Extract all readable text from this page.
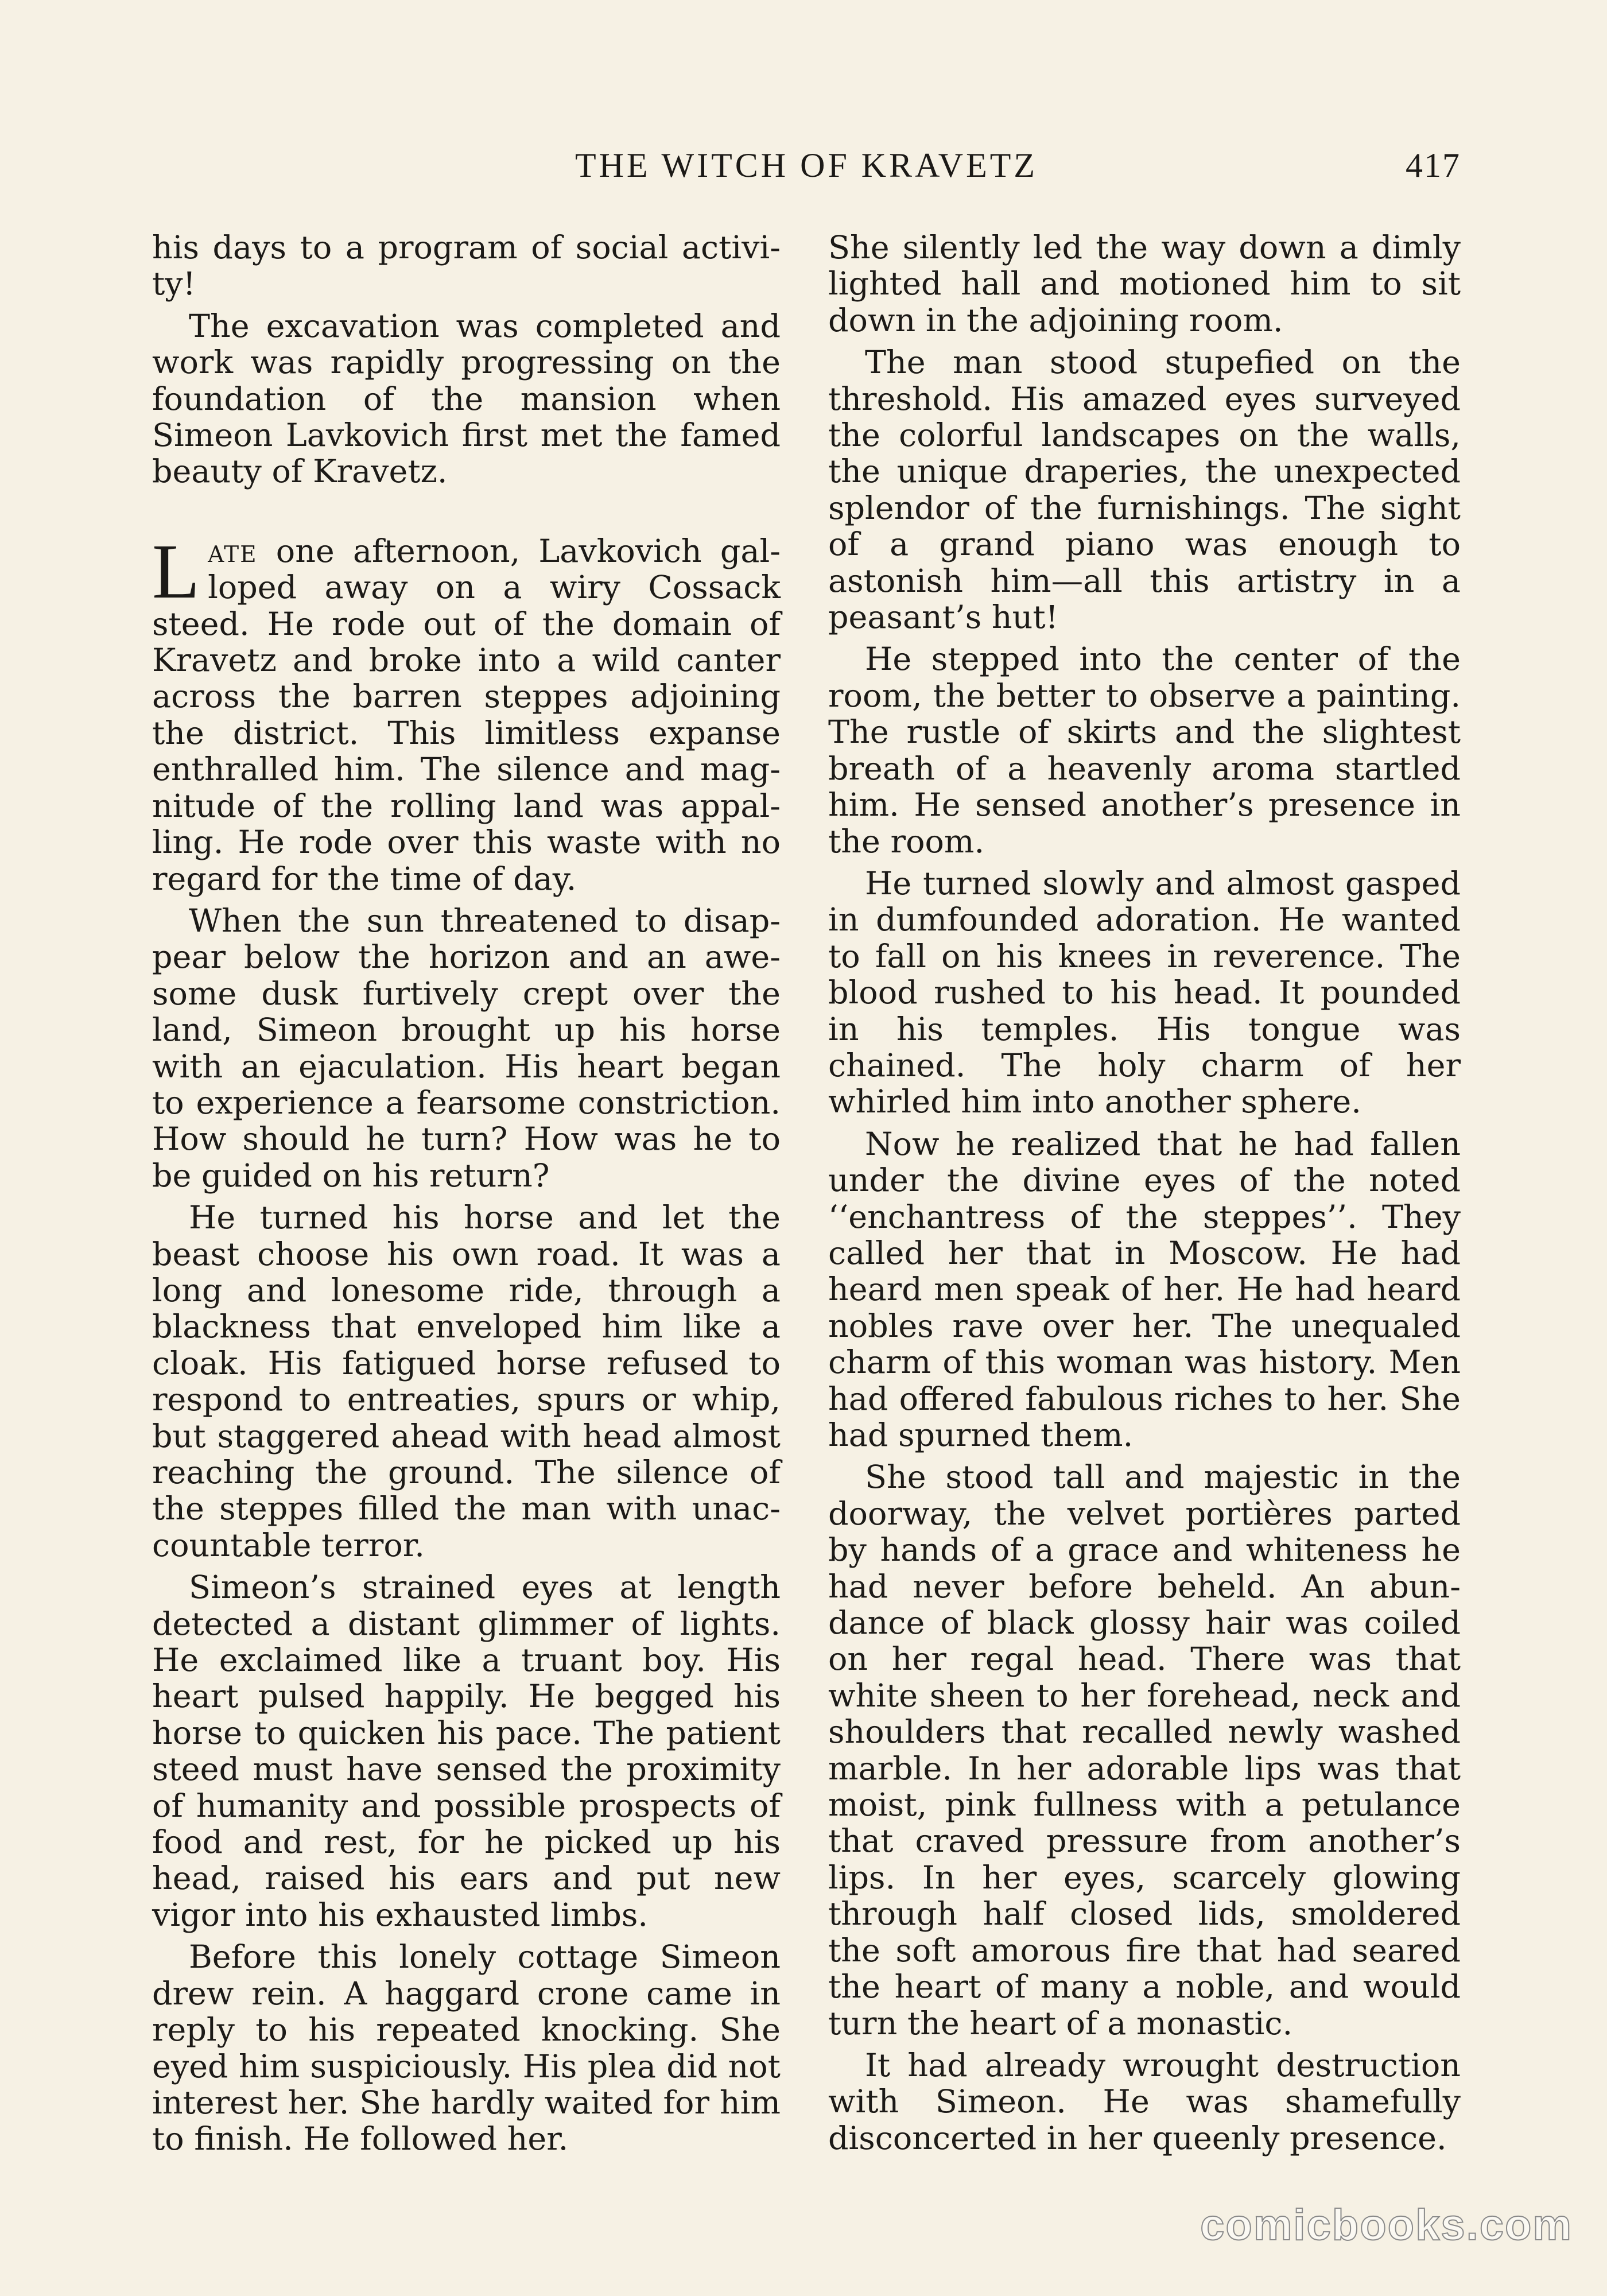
THE WITCH OF KRAVETZ	417

his days to a program of social activity!

The excavation was completed and work was rapidly progressing on the foundation of the mansion when Simeon Lavkovich first met the famed beauty of Kravetz.

Late one afternoon, Lavkovich galloped away on a wiry Cossack steed. He rode out of the domain of Kravetz and broke into a wild canter across the barren steppes adjoining the district. This limitless expanse enthralled him. The silence and magnitude of the rolling land was appalling. He rode over this waste with no regard for the time of day.

When the sun threatened to disappear below the horizon and an awesome dusk furtively crept over the land, Simeon brought up his horse with an ejaculation. His heart began to experience a fearsome constriction. How should he turn? How was he to be guided on his return?

He turned his horse and let the beast choose his own road. It was a long and lonesome ride, through a blackness that enveloped him like a cloak. His fatigued horse refused to respond to entreaties, spurs or whip, but staggered ahead with head almost reaching the ground. The silence of the steppes filled the man with unaccountable terror.

Simeon’s strained eyes at length detected a distant glimmer of lights. He exclaimed like a truant boy. His heart pulsed happily. He begged his horse to quicken his pace. The patient steed must have sensed the proximity of humanity and possible prospects of food and rest, for he picked up his head, raised his ears and put new vigor into his exhausted limbs.

Before this lonely cottage Simeon drew rein. A haggard crone came in reply to his repeated knocking. She eyed him suspiciously. His plea did not interest her. She hardly waited for him to finish. He followed her.

She silently led the way down a dimly lighted hall and motioned him to sit down in the adjoining room.

The man stood stupefied on the threshold. His amazed eyes surveyed the colorful landscapes on the walls, the unique draperies, the unexpected splendor of the furnishings. The sight of a grand piano was enough to astonish him—all this artistry in a peasant’s hut!

He stepped into the center of the room, the better to observe a painting. The rustle of skirts and the slightest breath of a heavenly aroma startled him. He sensed another’s presence in the room.

He turned slowly and almost gasped in dumfounded adoration. He wanted to fall on his knees in reverence. The blood rushed to his head. It pounded in his temples. His tongue was chained. The holy charm of her whirled him into another sphere.

Now he realized that he had fallen under the divine eyes of the noted ‘‘enchantress of the steppes’’. They called her that in Moscow. He had heard men speak of her. He had heard nobles rave over her. The unequaled charm of this woman was history. Men had offered fabulous riches to her. She had spurned them.

She stood tall and majestic in the doorway, the velvet portières parted by hands of a grace and whiteness he had never before beheld. An abundance of black glossy hair was coiled on her regal head. There was that white sheen to her forehead, neck and shoulders that recalled newly washed marble. In her adorable lips was that moist, pink fullness with a petulance that craved pressure from another’s lips. In her eyes, scarcely glowing through half closed lids, smoldered the soft amorous fire that had seared the heart of many a noble, and would turn the heart of a monastic.

It had already wrought destruction with Simeon. He was shamefully disconcerted in her queenly presence.

comicbooks.com
